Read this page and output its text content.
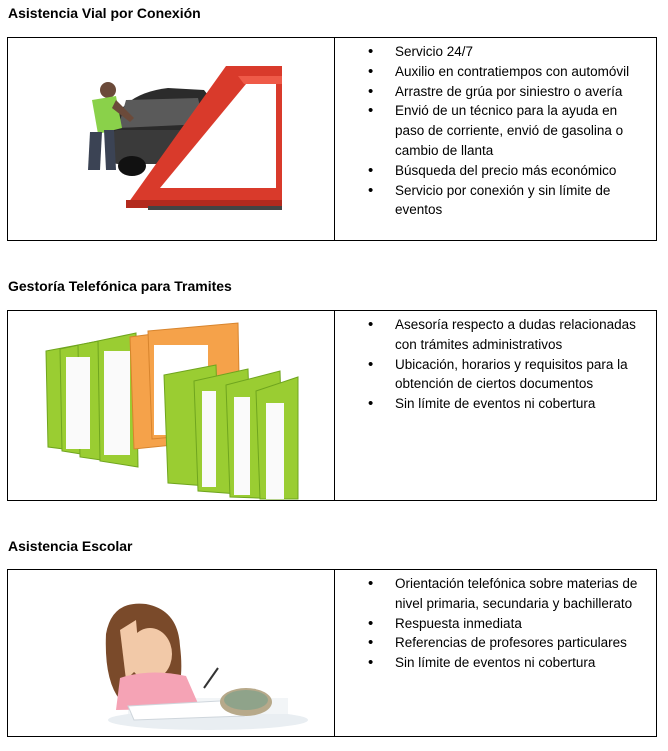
Asistencia Vial por Conexión
• Servicio 24/7
• Auxilio en contratiempos con automóvil
• Arrastre de grúa por siniestro o avería
• Envió de un técnico para la ayuda en paso de corriente, envió de gasolina o cambio de llanta
• Búsqueda del precio más económico
• Servicio por conexión y sin límite de eventos
Gestoría Telefónica para Tramites
• Asesoría respecto a dudas relacionadas con trámites administrativos
• Ubicación, horarios y requisitos para la obtención de ciertos documentos
• Sin límite de eventos ni cobertura
Asistencia Escolar
• Orientación telefónica sobre materias de nivel primaria, secundaria y bachillerato
• Respuesta inmediata
• Referencias de profesores particulares
• Sin límite de eventos ni cobertura
